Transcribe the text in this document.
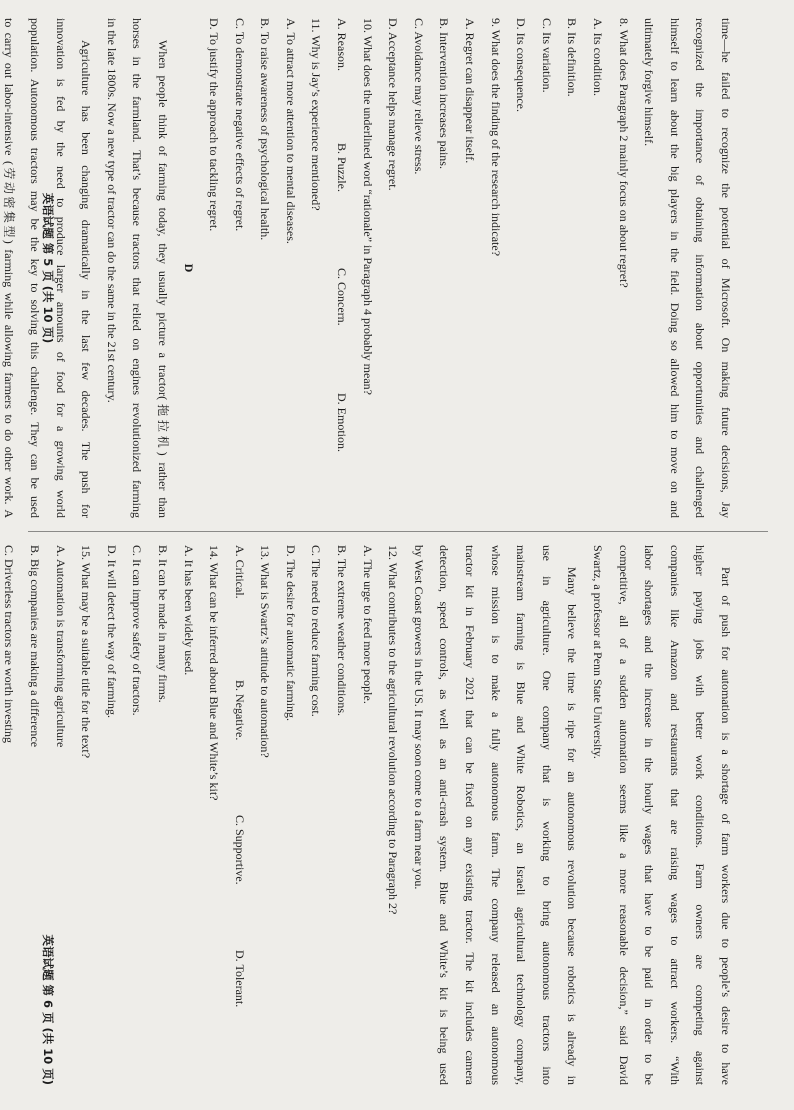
time—he failed to recognize the potential of Microsoft. On making future decisions, Jay
recognized the importance of obtaining information about opportunities and challenged
himself to learn about the big players in the field. Doing so allowed him to move on and
ultimately forgive himself.
8. What does Paragraph 2 mainly focus on about regret?
A. Its condition.
B. Its definition.
C. Its variation.
D. Its consequence.
9. What does the finding of the research indicate?
A. Regret can disappear itself.
B. Intervention increases pains.
C. Avoidance may relieve stress.
D. Acceptance helps manage regret.
10. What does the underlined word “rationale” in Paragraph 4 probably mean?
A. Reason.
B. Puzzle.
C. Concern.
D. Emotion.
11. Why is Jay’s experience mentioned?
A. To attract more attention to mental diseases.
B. To raise awareness of psychological health.
C. To demonstrate negative effects of regret.
D. To justify the approach to tackling regret.
D
When people think of farming today, they usually picture a tractor(拖拉机) rather than
horses in the farmland. That’s because tractors that relied on engines revolutionized farming
in the late 1800s. Now a new type of tractor can do the same in the 21st century.
Agriculture has been changing dramatically in the last few decades. The push for
innovation is fed by the need to produce larger amounts of food for a growing world
population. Autonomous tractors may be the key to solving this challenge. They can be used
to carry out labor-intensive (劳动密集型) farming while allowing farmers to do other work. A	英语试题 第 5 页 (共 10 页)
Part of push for automation is a shortage of farm workers due to people’s desire to have
higher paying jobs with better work conditions. Farm owners are competing against
companies like Amazon and restaurants that are raising wages to attract workers. “With
labor shortages and the increase in the hourly wages that have to be paid in order to be
competitive, all of a sudden automation seems like a more reasonable decision,” said David
Swartz, a professor at Penn State University.
Many believe the time is ripe for an autonomous revolution because robotics is already in
use in agriculture. One company that is working to bring autonomous tractors into
mainstream farming is Blue and White Robotics, an Israeli agricultural technology company,
whose mission is to make a fully autonomous farm. The company released an autonomous
tractor kit in February 2021 that can be fixed on any existing tractor. The kit includes camera
detection, speed controls, as well as an anti-crash system. Blue and White’s kit is being used
by West Coast growers in the US. It may soon come to a farm near you.
12. What contributes to the agricultural revolution according to Paragraph 2?
A. The urge to feed more people.
B. The extreme weather conditions.
C. The need to reduce farming cost.
D. The desire for automatic farming.
13. What is Swartz’s attitude to automation?
A. Critical.
B. Negative.
C. Supportive.
D. Tolerant.
14. What can be inferred about Blue and White’s kit?
A. It has been widely used.
B. It can be made in many firms.
C. It can improve safety of tractors.
D. It will detect the way of farming.
15. What may be a suitable title for the text?
A. Automation is transforming agriculture
B. Big companies are making a difference
C. Driverless tractors are worth investing
英语试题 第 6 页 (共 10 页)
